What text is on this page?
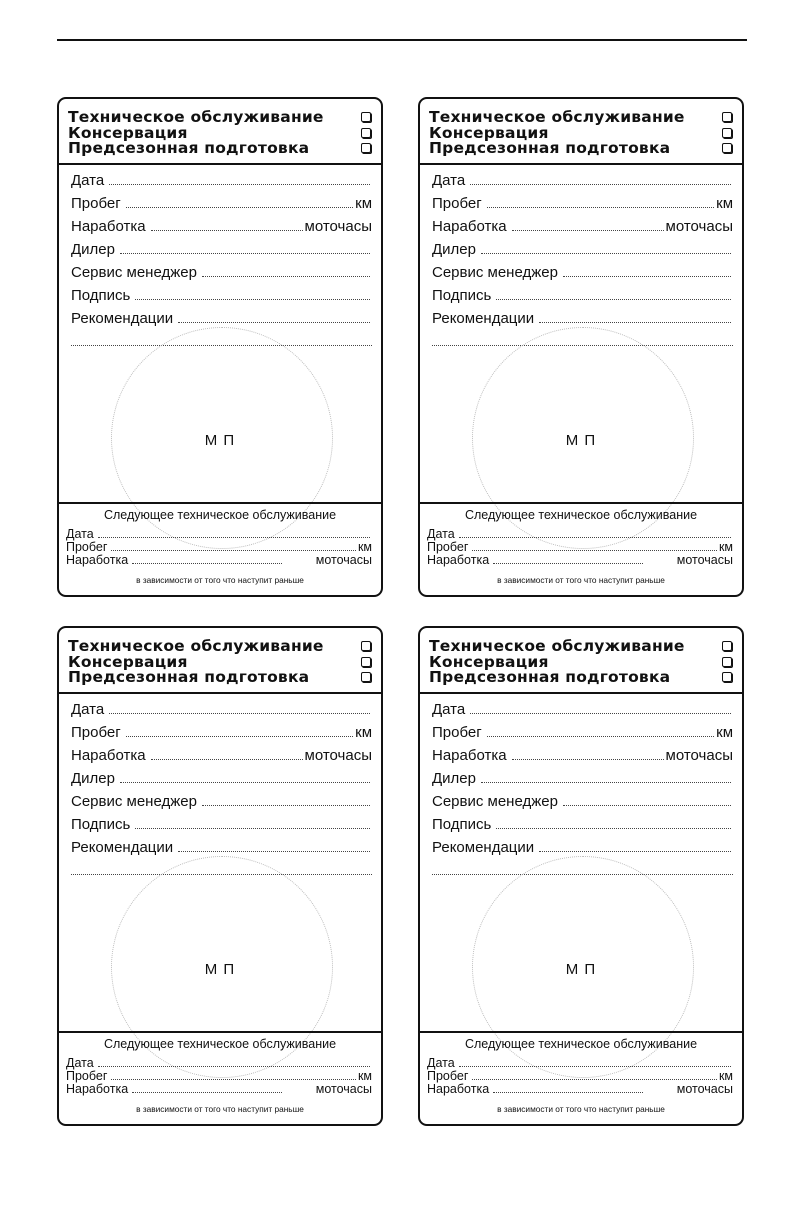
Техническое обслуживание
Консервация
Предсезонная подготовка
Дата
Пробег	км
Наработка	моточасы
Дилер
Сервис менеджер
Подпись
Рекомендации
М П
Следующее техническое обслуживание
Дата
Пробег	км
Наработка	моточасы
в зависимости от того что наступит раньше
Техническое обслуживание
Консервация
Предсезонная подготовка
Дата
Пробег	км
Наработка	моточасы
Дилер
Сервис менеджер
Подпись
Рекомендации
М П
Следующее техническое обслуживание
Дата
Пробег	км
Наработка	моточасы
в зависимости от того что наступит раньше
Техническое обслуживание
Консервация
Предсезонная подготовка
Дата
Пробег	км
Наработка	моточасы
Дилер
Сервис менеджер
Подпись
Рекомендации
М П
Следующее техническое обслуживание
Дата
Пробег	км
Наработка	моточасы
в зависимости от того что наступит раньше
Техническое обслуживание
Консервация
Предсезонная подготовка
Дата
Пробег	км
Наработка	моточасы
Дилер
Сервис менеджер
Подпись
Рекомендации
М П
Следующее техническое обслуживание
Дата
Пробег	км
Наработка	моточасы
в зависимости от того что наступит раньше
